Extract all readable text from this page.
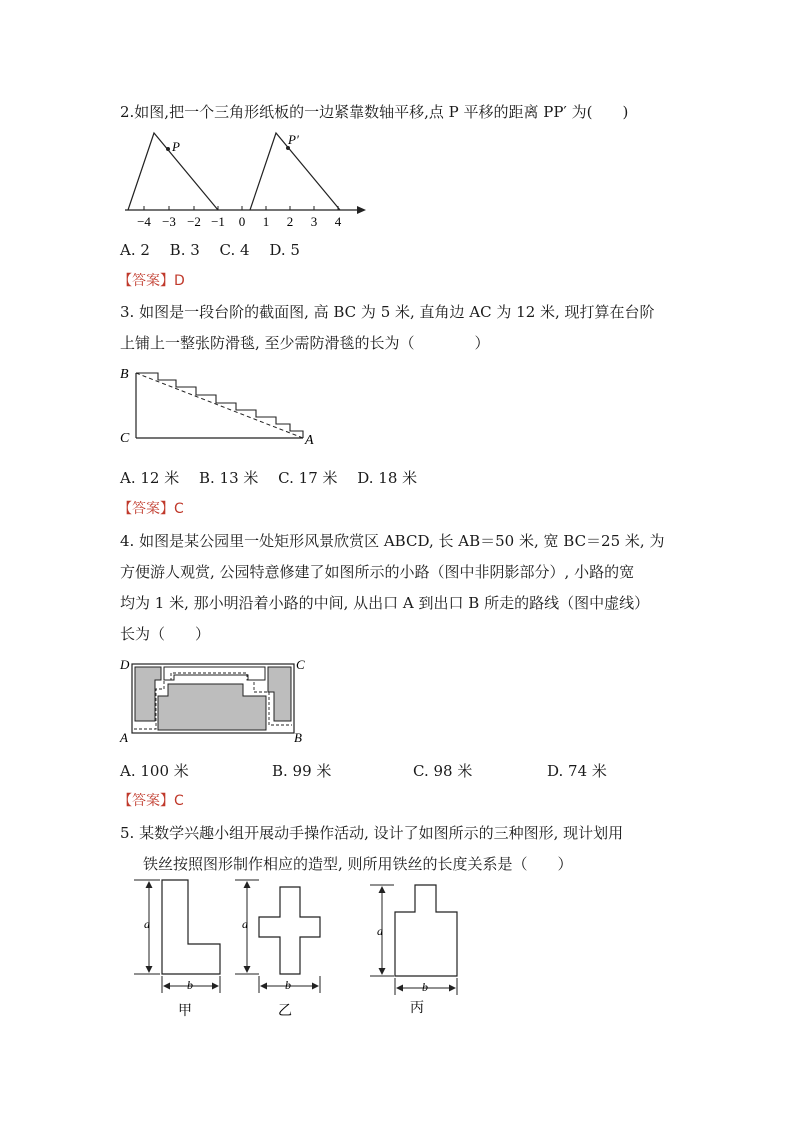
2.如图,把一个三角形纸板的一边紧靠数轴平移,点 P 平移的距离 PP′ 为(　　)
P	P′
−4 −3 −2 −1 0 1 2 3 4
A. 2　 B. 3　 C. 4　 D. 5
【答案】D
3. 如图是一段台阶的截面图, 高 BC 为 5 米, 直角边 AC 为 12 米, 现打算在台阶
上铺上一整张防滑毯, 至少需防滑毯的长为（　　　　）
B
C	A
A. 12 米　 B. 13 米　 C. 17 米　 D. 18 米
【答案】C
4. 如图是某公园里一处矩形风景欣赏区 ABCD, 长 AB＝50 米, 宽 BC＝25 米, 为
方便游人观赏, 公园特意修建了如图所示的小路（图中非阴影部分）, 小路的宽
均为 1 米, 那小明沿着小路的中间, 从出口 A 到出口 B 所走的路线（图中虚线）
长为（　　）
D	C
A	B
A. 100 米	B. 99 米	C. 98 米	D. 74 米
【答案】C
5. 某数学兴趣小组开展动手操作活动, 设计了如图所示的三种图形, 现计划用
铁丝按照图形制作相应的造型, 则所用铁丝的长度关系是（　　）
a
b
a
b
a
b
甲	乙	丙
